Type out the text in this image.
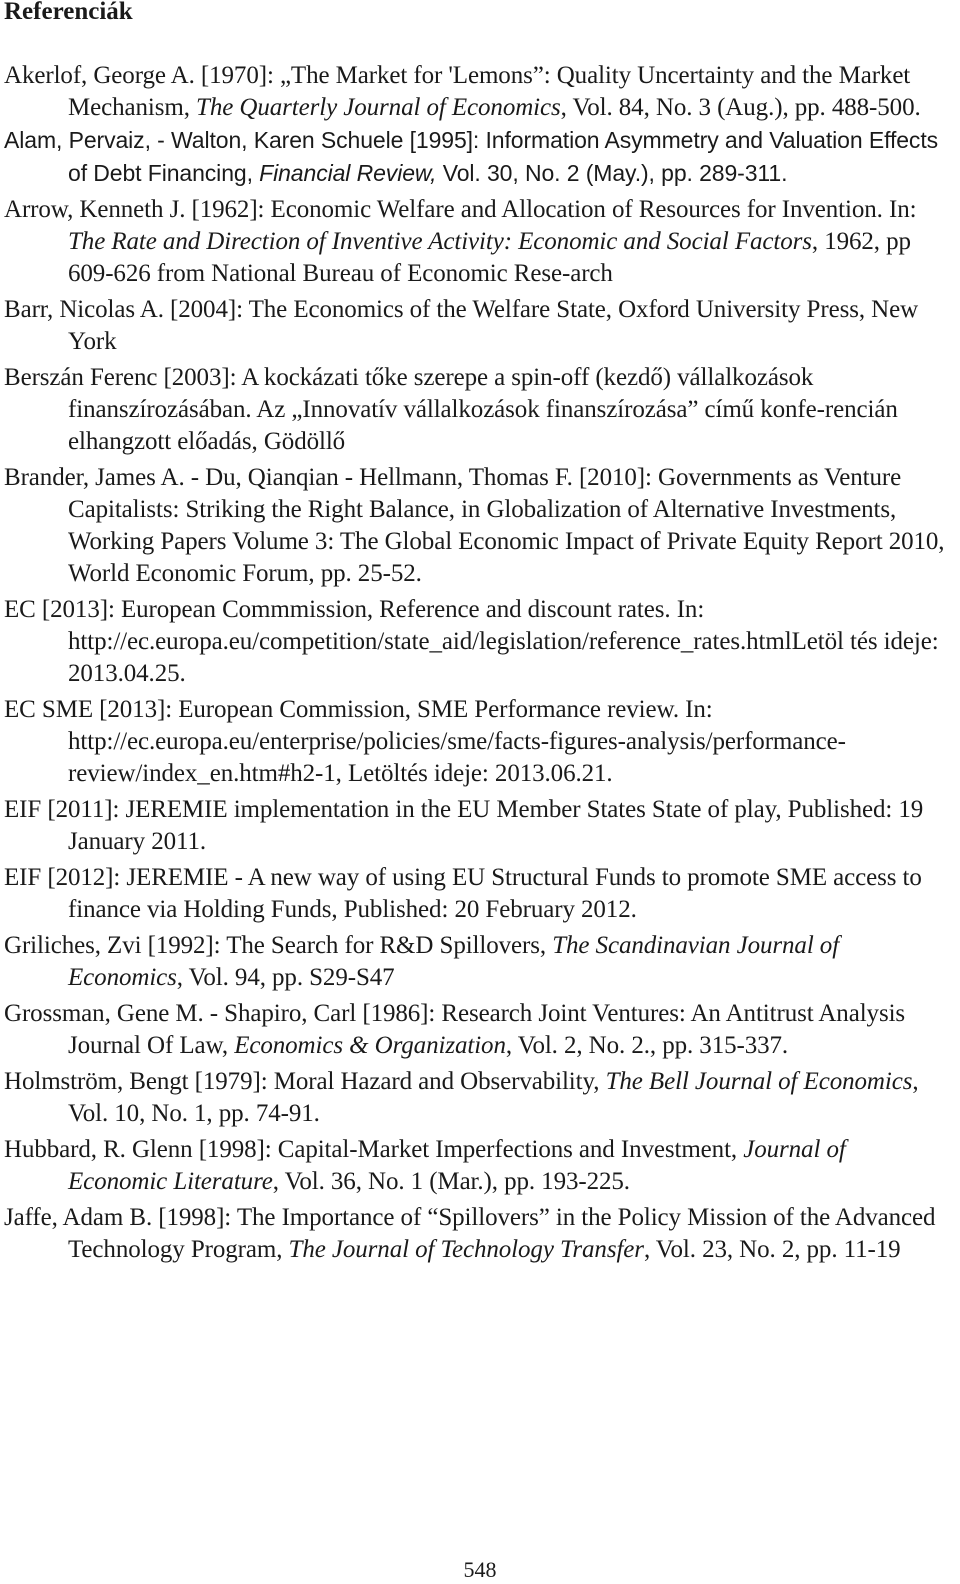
Referenciák
Akerlof, George A. [1970]: „The Market for 'Lemons”: Quality Uncertainty and the Market Mechanism, The Quarterly Journal of Economics, Vol. 84, No. 3 (Aug.), pp. 488-500.
Alam, Pervaiz, - Walton, Karen Schuele [1995]: Information Asymmetry and Valuation Effects of Debt Financing, Financial Review, Vol. 30, No. 2 (May.), pp. 289-311.
Arrow, Kenneth J. [1962]: Economic Welfare and Allocation of Resources for Invention. In: The Rate and Direction of Inventive Activity: Economic and Social Factors, 1962, pp 609-626 from National Bureau of Economic Rese-arch
Barr, Nicolas A. [2004]: The Economics of the Welfare State, Oxford University Press, New York
Berszán Ferenc [2003]: A kockázati tőke szerepe a spin-off (kezdő) vállalkozások finanszírozásában. Az „Innovatív vállalkozások finanszírozása” című konfe-rencián elhangzott előadás, Gödöllő
Brander, James A. - Du, Qianqian - Hellmann, Thomas F. [2010]: Governments as Venture Capitalists: Striking the Right Balance, in Globalization of Alternative Investments, Working Papers Volume 3: The Global Economic Impact of Private Equity Report 2010, World Economic Forum, pp. 25-52.
EC [2013]: European Commmission, Reference and discount rates. In: http://ec.europa.eu/competition/state_aid/legislation/reference_rates.htmlLetöl tés ideje: 2013.04.25.
EC SME [2013]: European Commission, SME Performance review. In: http://ec.europa.eu/enterprise/policies/sme/facts-figures-analysis/performance-review/index_en.htm#h2-1, Letöltés ideje: 2013.06.21.
EIF [2011]: JEREMIE implementation in the EU Member States State of play, Published: 19 January 2011.
EIF [2012]: JEREMIE - A new way of using EU Structural Funds to promote SME access to finance via Holding Funds, Published: 20 February 2012.
Griliches, Zvi [1992]: The Search for R&D Spillovers, The Scandinavian Journal of Economics, Vol. 94, pp. S29-S47
Grossman, Gene M. - Shapiro, Carl [1986]: Research Joint Ventures: An Antitrust Analysis Journal Of Law, Economics & Organization, Vol. 2, No. 2., pp. 315-337.
Holmström, Bengt [1979]: Moral Hazard and Observability, The Bell Journal of Economics, Vol. 10, No. 1, pp. 74-91.
Hubbard, R. Glenn [1998]: Capital-Market Imperfections and Investment, Journal of Economic Literature, Vol. 36, No. 1 (Mar.), pp. 193-225.
Jaffe, Adam B. [1998]: The Importance of “Spillovers” in the Policy Mission of the Advanced Technology Program, The Journal of Technology Transfer, Vol. 23, No. 2, pp. 11-19
548
